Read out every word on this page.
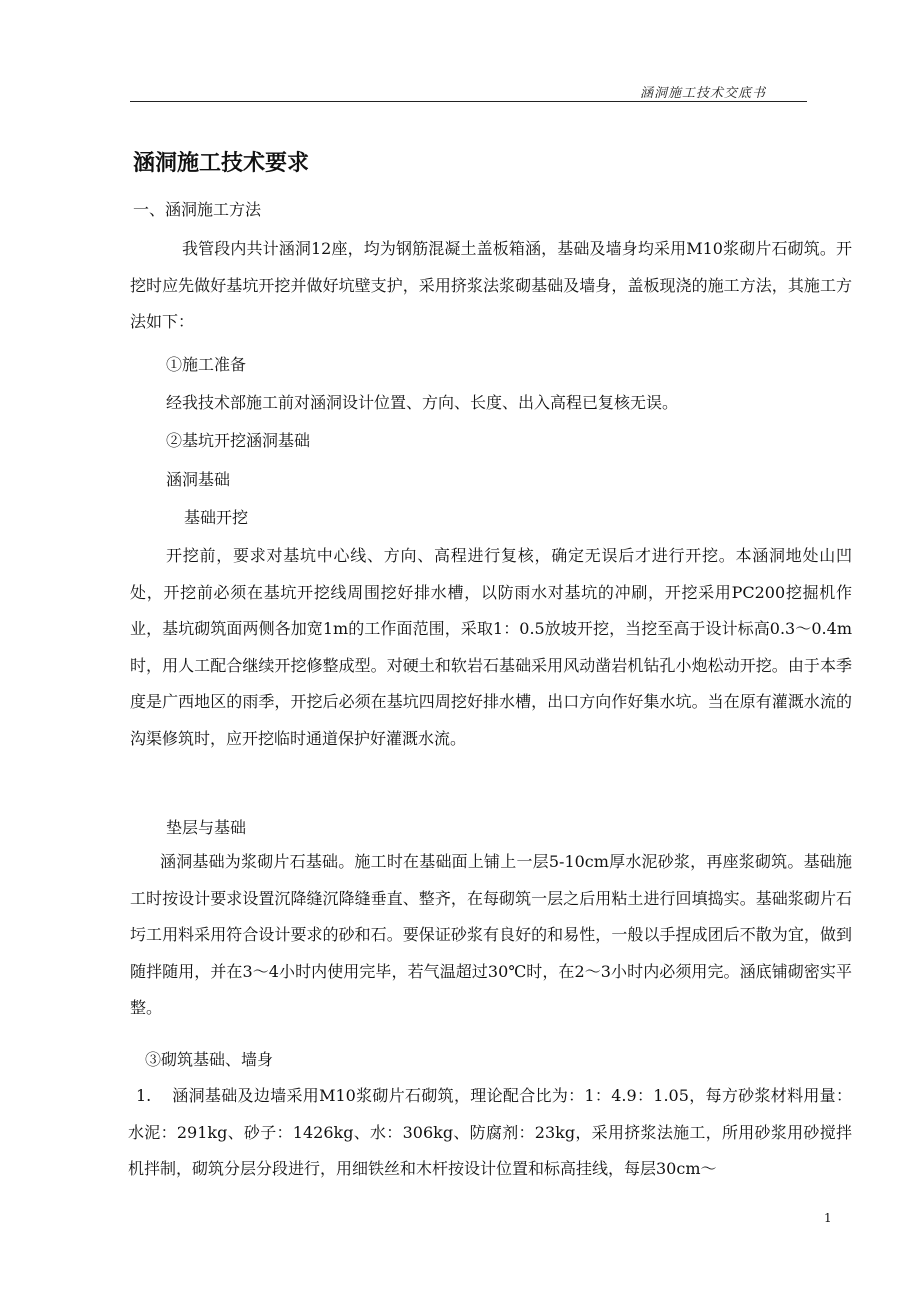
涵洞施工技术交底书
涵洞施工技术要求
一、涵洞施工方法
我管段内共计涵洞12座，均为钢筋混凝土盖板箱涵，基础及墙身均采用M10浆砌片石砌筑。开挖时应先做好基坑开挖并做好坑壁支护，采用挤浆法浆砌基础及墙身，盖板现浇的施工方法，其施工方法如下：
①施工准备
经我技术部施工前对涵洞设计位置、方向、长度、出入高程已复核无误。
②基坑开挖涵洞基础
涵洞基础
基础开挖
开挖前，要求对基坑中心线、方向、高程进行复核，确定无误后才进行开挖。本涵洞地处山凹处，开挖前必须在基坑开挖线周围挖好排水槽，以防雨水对基坑的冲刷，开挖采用PC200挖掘机作业，基坑砌筑面两侧各加宽1m的工作面范围，采取1：0.5放坡开挖，当挖至高于设计标高0.3～0.4m时，用人工配合继续开挖修整成型。对硬土和软岩石基础采用风动凿岩机钻孔小炮松动开挖。由于本季度是广西地区的雨季，开挖后必须在基坑四周挖好排水槽，出口方向作好集水坑。当在原有灌溉水流的沟渠修筑时，应开挖临时通道保护好灌溉水流。
垫层与基础
涵洞基础为浆砌片石基础。施工时在基础面上铺上一层5-10cm厚水泥砂浆，再座浆砌筑。基础施工时按设计要求设置沉降缝沉降缝垂直、整齐，在每砌筑一层之后用粘土进行回填捣实。基础浆砌片石圬工用料采用符合设计要求的砂和石。要保证砂浆有良好的和易性，一般以手捏成团后不散为宜，做到随拌随用，并在3～4小时内使用完毕，若气温超过30℃时，在2～3小时内必须用完。涵底铺砌密实平整。
③砌筑基础、墙身
1. 涵洞基础及边墙采用M10浆砌片石砌筑，理论配合比为：1：4.9：1.05，每方砂浆材料用量：水泥：291kg、砂子：1426kg、水：306kg、防腐剂：23kg，采用挤浆法施工，所用砂浆用砂搅拌机拌制，砌筑分层分段进行，用细铁丝和木杆按设计位置和标高挂线，每层30cm～
1
